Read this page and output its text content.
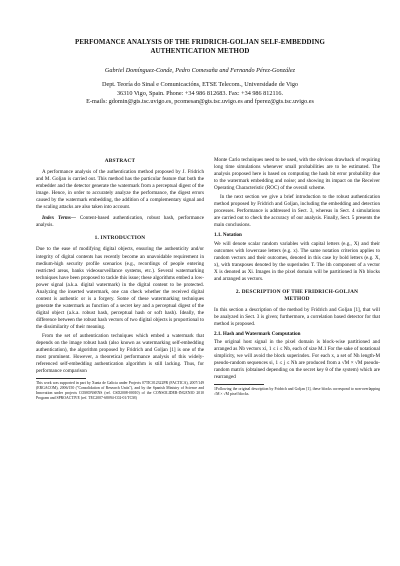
PERFOMANCE ANALYSIS OF THE FRIDRICH-GOLJAN SELF-EMBEDDING
AUTHENTICATION METHOD
Gabriel Domínguez-Conde, Pedro Comesaña and Fernando Pérez-González
Dept. Teoría do Sinal e Comunicacións, ETSE Telecom., Universidade de Vigo
36310 Vigo, Spain. Phone: +34 986 812683. Fax: +34 986 812116.
E-mails: gdomin@gts.tsc.uvigo.es, pcomesan@gts.tsc.uvigo.es and fperez@gts.tsc.uvigo.es
ABSTRACT
A performance analysis of the authentication method proposed by J. Fridrich and M. Goljan is carried out. This method has the particular feature that both the embedder and the detector generate the watermark from a perceptual digest of the image. Hence, in order to accurately analyze the performance, the digest errors caused by the watermark embedding, the addition of a complementary signal and the scaling attacks are also taken into account.
Index Terms— Content-based authentication, robust hash, performance analysis.
1. INTRODUCTION
Due to the ease of modifying digital objects, ensuring the authenticity and/or integrity of digital contents has recently become an unavoidable requirement in medium-high security profile scenarios (e.g., recordings of people entering restricted areas, banks videosurveillance systems, etc.). Several watermarking techniques have been proposed to tackle this issue; these algorithms embed a low-power signal (a.k.a. digital watermark) in the digital content to be protected. Analyzing the inserted watermark, one can check whether the received digital content is authentic or is a forgery. Some of these watermarking techniques generate the watermark as function of a secret key and a perceptual digest of the digital object (a.k.a. robust hash, perceptual hash or soft hash). Ideally, the difference between the robust hash vectors of two digital objects is proportional to the dissimilarity of their meaning.
From the set of authentication techniques which embed a watermark that depends on the image robust hash (also known as watermarking self-embedding authentication), the algorithm proposed by Fridrich and Goljan [1] is one of the most prominent. However, a theoretical performance analysis of this widely-referenced self-embedding authentication algorithm is still lacking. Thus, for performance comparison
This work was supported in part by Xunta de Galicia under Projects 07TIC012322PR (FACTICA), 2007/149 (ERGACOM), 2006/150 ("Consolidation of Research Units"), and by the Spanish Ministry of Science and Innovation under projects COMONSENS (ref. CSD2008-00010) of the CONSOLIDER-INGENIO 2010 Program and SPROACTIVE (ref. TEC2007-68094-C02-01/TCM)
Monte Carlo techniques need to be used, with the obvious drawback of requiring long time simulations whenever small probabilities are to be estimated. The analysis proposed here is based on computing the hash bit error probability due to the watermark embedding and noise; and showing its impact on the Receiver Operating Characteristic (ROC) of the overall scheme.
In the next section we give a brief introduction to the robust authentication method proposed by Fridrich and Goljan, including the embedding and detection processes. Performance is addressed in Sect. 3, whereas in Sect. 4 simulations are carried out to check the accuracy of our analysis. Finally, Sect. 5 presents the main conclusions.
1.1. Notation
We will denote scalar random variables with capital letters (e.g., X) and their outcomes with lowercase letters (e.g. x). The same notation criterion applies to random vectors and their outcomes, denoted in this case by bold letters (e.g. X, x), with transposes denoted by the superindex T. The ith component of a vector X is denoted as Xi. Images in the pixel domain will be partitioned in Nb blocks and arranged as vectors.
2. DESCRIPTION OF THE FRIDRICH-GOLJAN
METHOD
In this section a description of the method by Fridrich and Goljan [1], that will be analyzed in Sect. 3 is given; furthermore, a correlation based detector for that method is proposed.
2.1. Hash and Watermark Computation
The original host signal in the pixel domain is block-wise partitioned and arranged as Nb vectors xi, 1 ≤ i ≤ Nb, each of size M.1 For the sake of notational simplicity, we will avoid the block superindex. For each x, a set of Nh length-M pseudo-random sequences si, 1 ≤ j ≤ Nh are produced from a √M × √M pseudo-random matrix (obtained depending on the secret key θ of the system) which are rearranged
1Following the original description by Fridrich and Goljan [1], these blocks correspond to non-overlapping √M × √M pixel blocks.
